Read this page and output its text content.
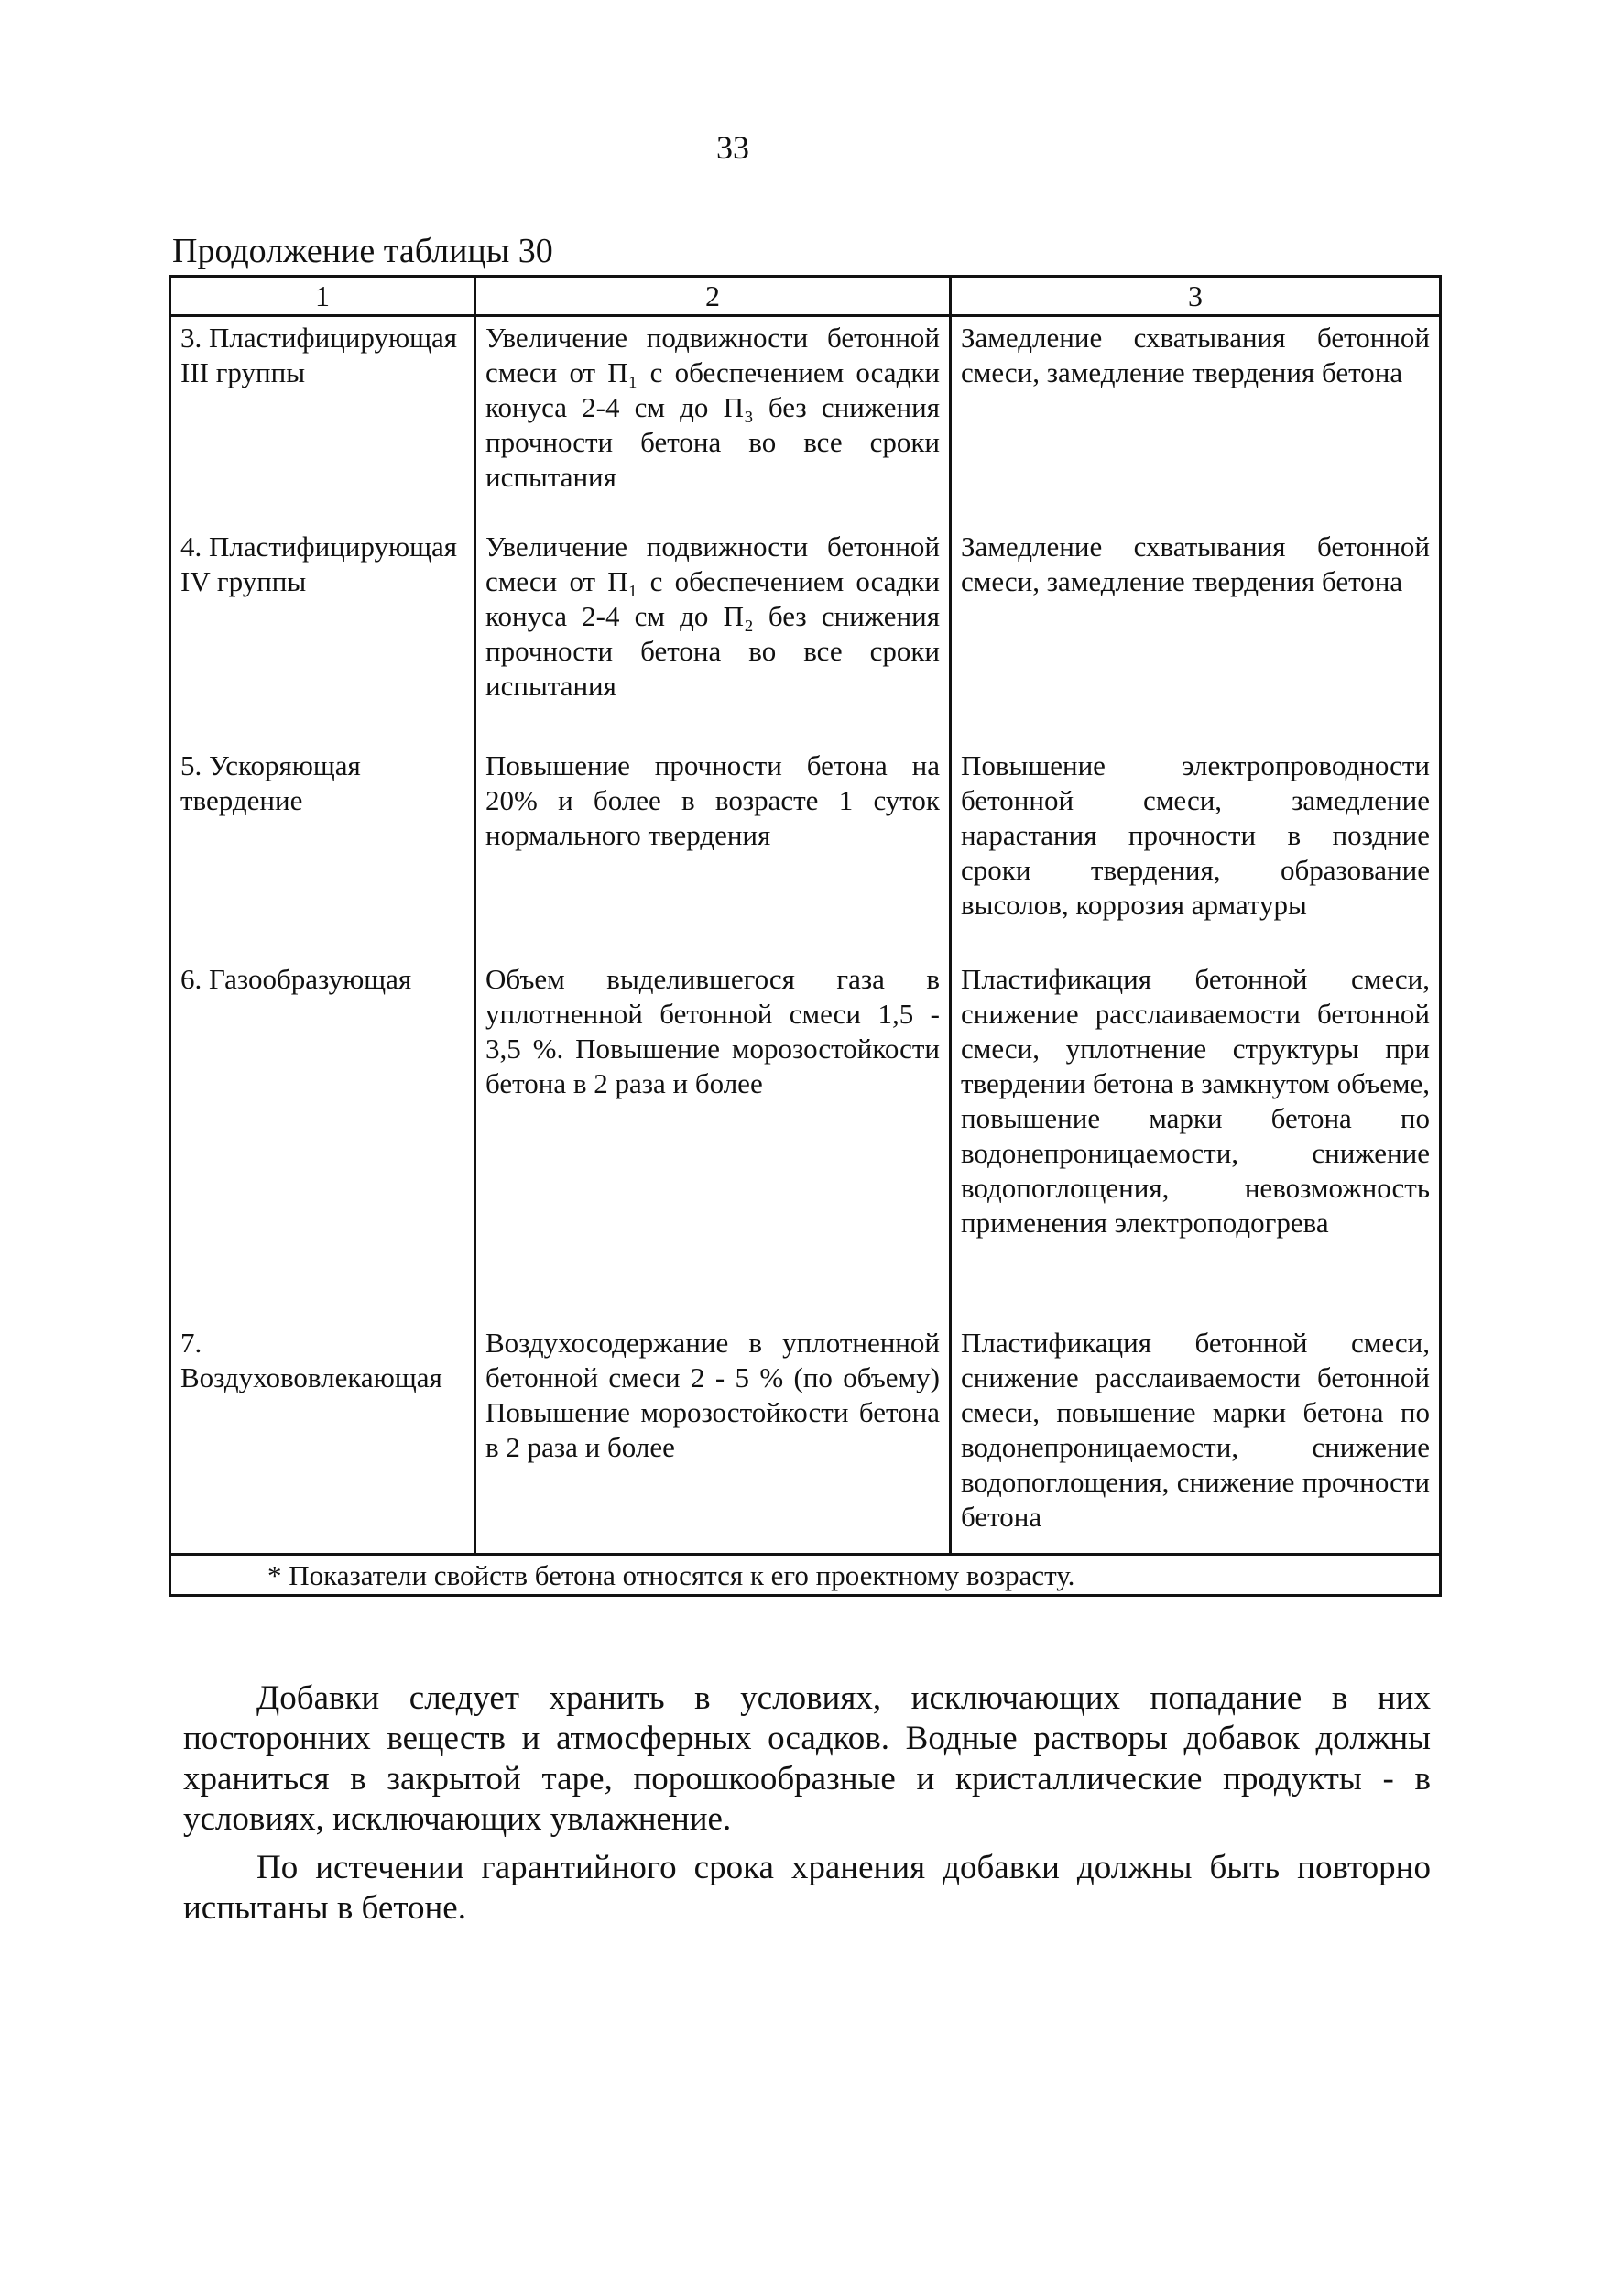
33
Продолжение таблицы 30
1	2	3
3. Пластифицирующая III группы	Увеличение подвижности бетонной смеси от П₁ с обеспечением осадки конуса 2-4 см до П₃ без снижения прочности бетона во все сроки испытания	Замедление схватывания бетонной смеси, замедление твердения бетона
4. Пластифицирующая IV группы	Увеличение подвижности бетонной смеси от П₁ с обеспечением осадки конуса 2-4 см до П₂ без снижения прочности бетона во все сроки испытания	Замедление схватывания бетонной смеси, замедление твердения бетона
5. Ускоряющая твердение	Повышение прочности бетона на 20% и более в возрасте 1 суток нормального твердения	Повышение электропроводности бетонной смеси, замедление нарастания прочности в поздние сроки твердения, образование высолов, коррозия арматуры
6. Газообразующая	Объем выделившегося газа в уплотненной бетонной смеси 1,5 - 3,5 %. Повышение морозостойкости бетона в 2 раза и более	Пластификация бетонной смеси, снижение расслаиваемости бетонной смеси, уплотнение структуры при твердении бетона в замкнутом объеме, повышение марки бетона по водонепроницаемости, снижение водопоглощения, невозможность применения электроподогрева
7. Воздухововлекающая	Воздухосодержание в уплотненной бетонной смеси 2 - 5 % (по объему) Повышение морозостойкости бетона в 2 раза и более	Пластификация бетонной смеси, снижение расслаиваемости бетонной смеси, повышение марки бетона по водонепроницаемости, снижение водопоглощения, снижение прочности бетона
* Показатели свойств бетона относятся к его проектному возрасту.		

Добавки следует хранить в условиях, исключающих попадание в них посторонних веществ и атмосферных осадков. Водные растворы добавок должны храниться в закрытой таре, порошкообразные и кристаллические продукты - в условиях, исключающих увлажнение.

По истечении гарантийного срока хранения добавки должны быть повторно испытаны в бетоне.
